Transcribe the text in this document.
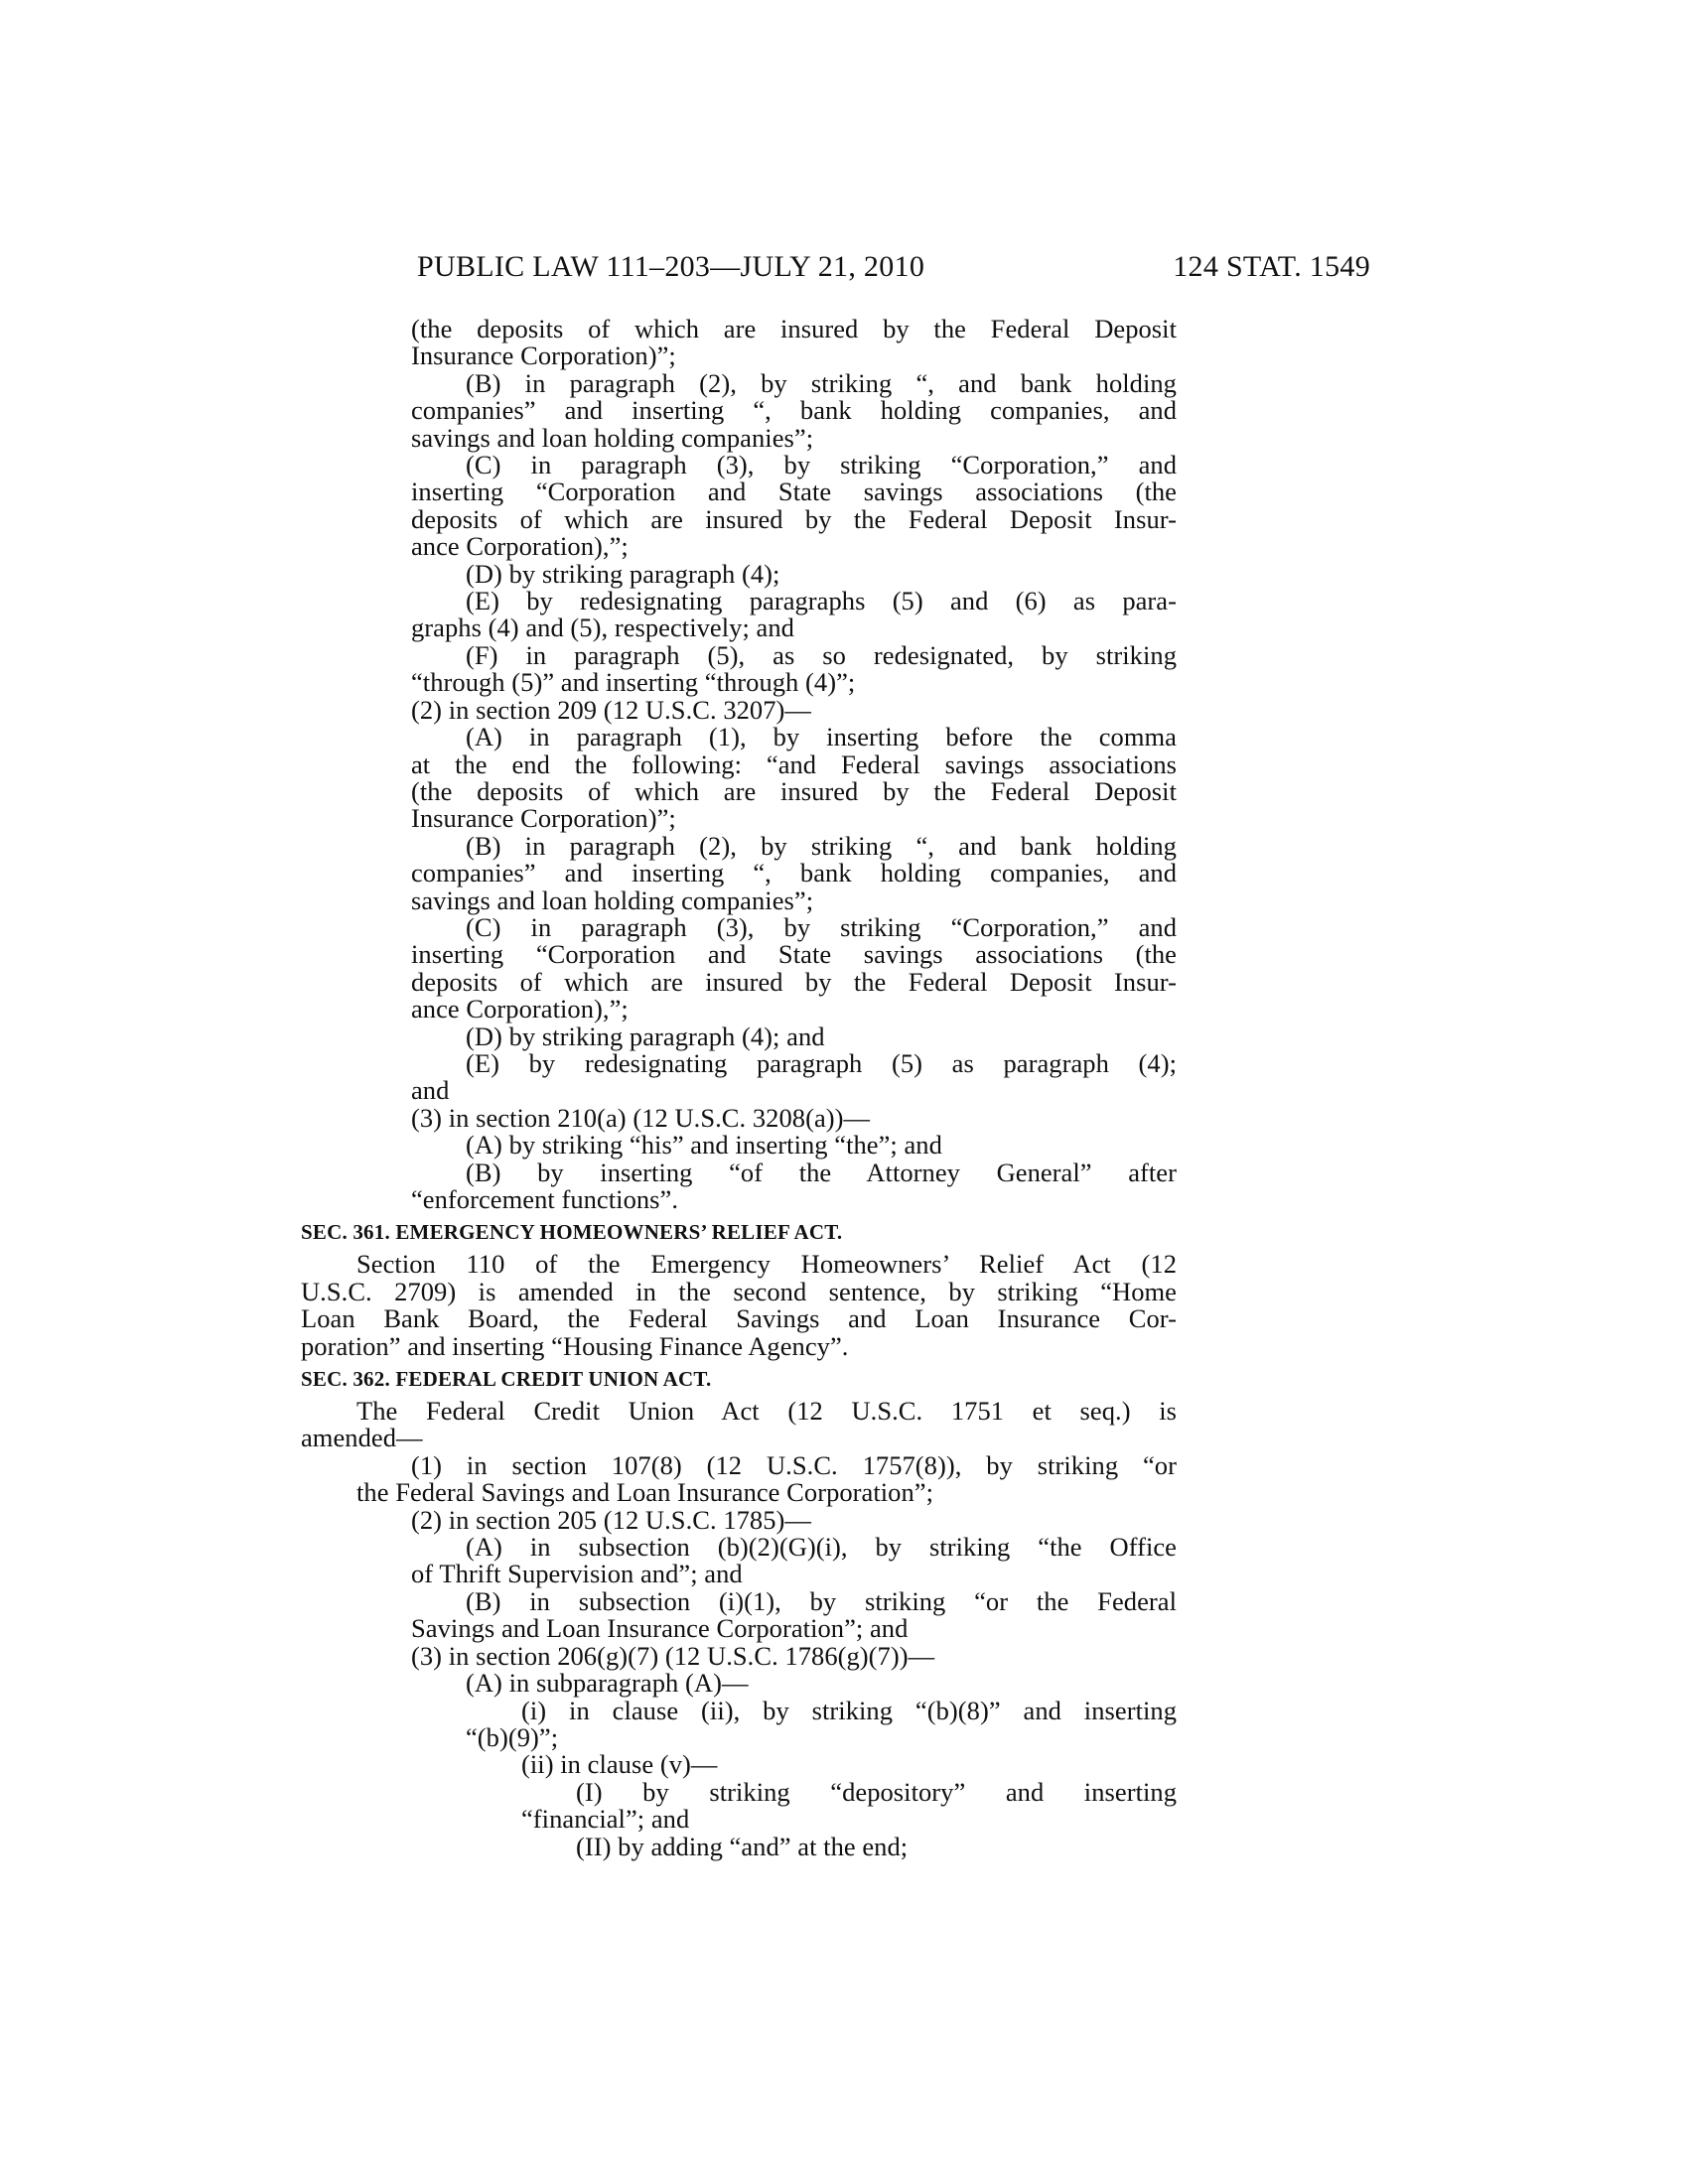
PUBLIC LAW 111–203—JULY 21, 2010	124 STAT. 1549
(the deposits of which are insured by the Federal Deposit
Insurance Corporation)”;
(B) in paragraph (2), by striking “, and bank holding
companies” and inserting “, bank holding companies, and
savings and loan holding companies”;
(C) in paragraph (3), by striking “Corporation,” and
inserting “Corporation and State savings associations (the
deposits of which are insured by the Federal Deposit Insur-
ance Corporation),”;
(D) by striking paragraph (4);
(E) by redesignating paragraphs (5) and (6) as para-
graphs (4) and (5), respectively; and
(F) in paragraph (5), as so redesignated, by striking
“through (5)” and inserting “through (4)”;
(2) in section 209 (12 U.S.C. 3207)—
(A) in paragraph (1), by inserting before the comma
at the end the following: “and Federal savings associations
(the deposits of which are insured by the Federal Deposit
Insurance Corporation)”;
(B) in paragraph (2), by striking “, and bank holding
companies” and inserting “, bank holding companies, and
savings and loan holding companies”;
(C) in paragraph (3), by striking “Corporation,” and
inserting “Corporation and State savings associations (the
deposits of which are insured by the Federal Deposit Insur-
ance Corporation),”;
(D) by striking paragraph (4); and
(E) by redesignating paragraph (5) as paragraph (4);
and
(3) in section 210(a) (12 U.S.C. 3208(a))—
(A) by striking “his” and inserting “the”; and
(B) by inserting “of the Attorney General” after
“enforcement functions”.
SEC. 361. EMERGENCY HOMEOWNERS’ RELIEF ACT.
Section 110 of the Emergency Homeowners’ Relief Act (12
U.S.C. 2709) is amended in the second sentence, by striking “Home
Loan Bank Board, the Federal Savings and Loan Insurance Cor-
poration” and inserting “Housing Finance Agency”.
SEC. 362. FEDERAL CREDIT UNION ACT.
The Federal Credit Union Act (12 U.S.C. 1751 et seq.) is
amended—
(1) in section 107(8) (12 U.S.C. 1757(8)), by striking “or
the Federal Savings and Loan Insurance Corporation”;
(2) in section 205 (12 U.S.C. 1785)—
(A) in subsection (b)(2)(G)(i), by striking “the Office
of Thrift Supervision and”; and
(B) in subsection (i)(1), by striking “or the Federal
Savings and Loan Insurance Corporation”; and
(3) in section 206(g)(7) (12 U.S.C. 1786(g)(7))—
(A) in subparagraph (A)—
(i) in clause (ii), by striking “(b)(8)” and inserting
“(b)(9)”;
(ii) in clause (v)—
(I) by striking “depository” and inserting
“financial”; and
(II) by adding “and” at the end;
